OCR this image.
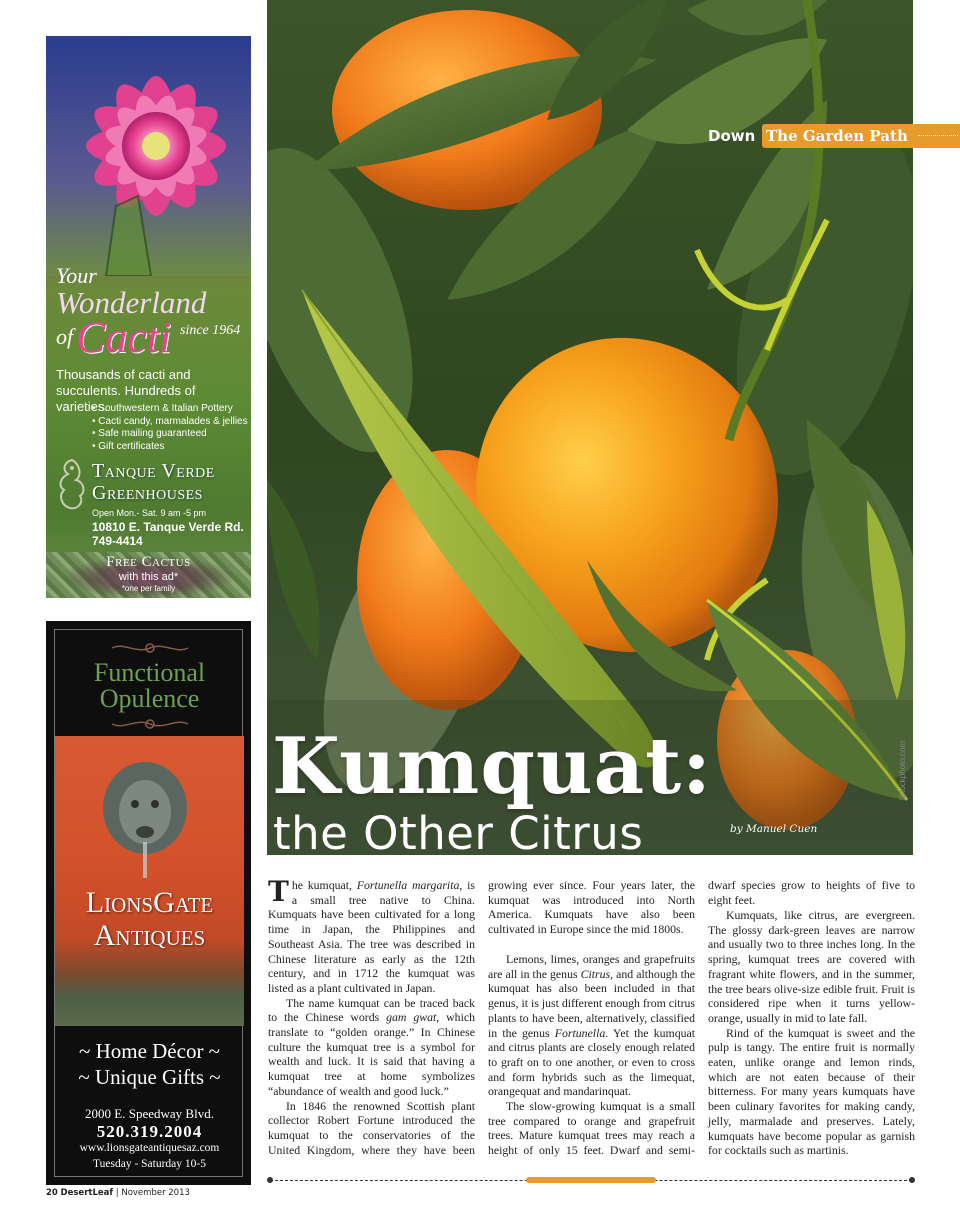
Your
Wonderland
of Cacti since 1964
Thousands of cacti and succulents. Hundreds of varieties.
• Southwestern & Italian Pottery
• Cacti candy, marmalades & jellies
• Safe mailing guaranteed
• Gift certificates
Tanque Verde
Greenhouses
Open Mon.- Sat. 9 am -5 pm
10810 E. Tanque Verde Rd.
749-4414
Free Cactus
with this ad*
*one per family
Functional
Opulence
LionsGate
Antiques
~ Home Décor ~
~ Unique Gifts ~
2000 E. Speedway Blvd.
520.319.2004
www.lionsgateantiquesaz.com
Tuesday - Saturday 10-5
iStockphoto.com
Down The Garden Path
Kumquat:
the Other Citrus	by Manuel Cuen

The kumquat, Fortunella margarita, is a small tree native to China. Kumquats have been cultivated for a long time in Japan, the Philippines and Southeast Asia. The tree was described in Chinese literature as early as the 12th century, and in 1712 the kumquat was listed as a plant cultivated in Japan.

The name kumquat can be traced back to the Chinese words gam gwat, which translate to “golden orange.” In Chinese culture the kumquat tree is a symbol for wealth and luck. It is said that having a kumquat tree at home symbolizes “abundance of wealth and good luck.”

In 1846 the renowned Scottish plant collector Robert Fortune introduced the kumquat to the conservatories of the United Kingdom, where they have been

growing ever since. Four years later, the kumquat was introduced into North America. Kumquats have also been cultivated in Europe since the mid 1800s.

Lemons, limes, oranges and grapefruits are all in the genus Citrus, and although the kumquat has also been included in that genus, it is just different enough from citrus plants to have been, alternatively, classified in the genus Fortunella. Yet the kumquat and citrus plants are closely enough related to graft on to one another, or even to cross and form hybrids such as the limequat, orangequat and mandarinquat.

The slow-growing kumquat is a small tree compared to orange and grapefruit trees. Mature kumquat trees may reach a height of only 15 feet. Dwarf and semi-

dwarf species grow to heights of five to eight feet.

Kumquats, like citrus, are evergreen. The glossy dark-green leaves are narrow and usually two to three inches long. In the spring, kumquat trees are covered with fragrant white flowers, and in the summer, the tree bears olive-size edible fruit. Fruit is considered ripe when it turns yellow-orange, usually in mid to late fall.

Rind of the kumquat is sweet and the pulp is tangy. The entire fruit is normally eaten, unlike orange and lemon rinds, which are not eaten because of their bitterness. For many years kumquats have been culinary favorites for making candy, jelly, marmalade and preserves. Lately, kumquats have become popular as garnish for cocktails such as martinis.

20 DesertLeaf | November 2013
